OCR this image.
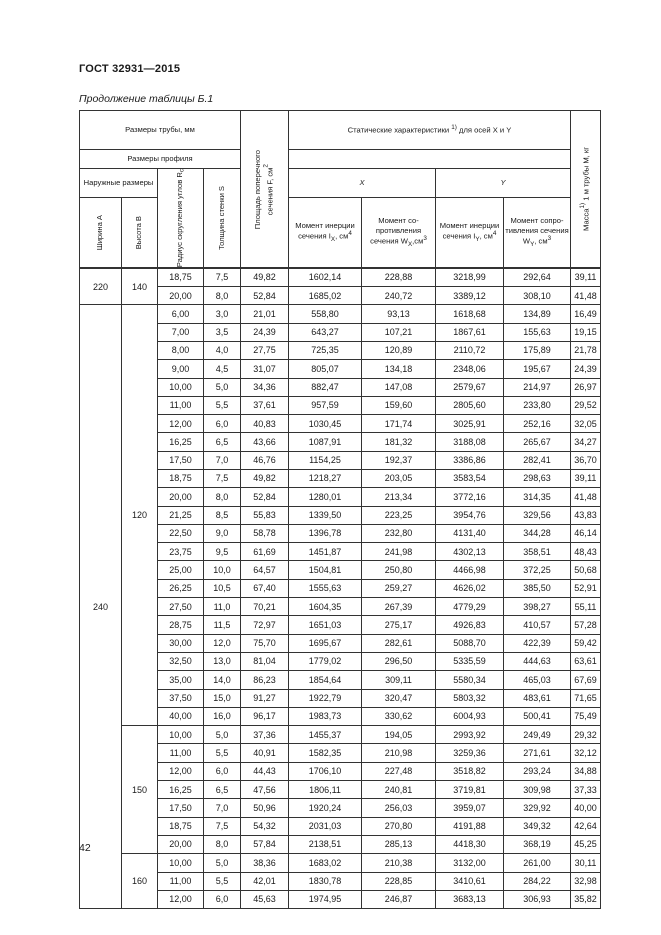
ГОСТ 32931—2015
Продолжение таблицы Б.1
Размеры трубы, мм				Площадь поперечного сечения F, $см^2$	Статические характеристики $^{1)}$ для осей X и Y				Масса$^{1)}$ 1 м трубы M, кг

Размеры профиля									
Наружные размеры		Радиус скругления углов $R_c$	Толщина стенки S		X		Y		

Ширина A	Высота B				Момент инерции сечения $I_X$, $см^4$	Момент со-противления сечения $W_X,см^3$	Момент инерции сечения $I_Y$, $см^4$	Момент сопро-тивления сечения $W_Y$, $см^3$
220	140	18,75	7,5	49,82	1602,14	228,88	3218,99	292,64	39,11
		20,00	8,0	52,84	1685,02	240,72	3389,12	308,10	41,48
240	120	6,00	3,0	21,01	558,80	93,13	1618,68	134,89	16,49
		7,00	3,5	24,39	643,27	107,21	1867,61	155,63	19,15
		8,00	4,0	27,75	725,35	120,89	2110,72	175,89	21,78
		9,00	4,5	31,07	805,07	134,18	2348,06	195,67	24,39
		10,00	5,0	34,36	882,47	147,08	2579,67	214,97	26,97
		11,00	5,5	37,61	957,59	159,60	2805,60	233,80	29,52
		12,00	6,0	40,83	1030,45	171,74	3025,91	252,16	32,05
		16,25	6,5	43,66	1087,91	181,32	3188,08	265,67	34,27
		17,50	7,0	46,76	1154,25	192,37	3386,86	282,41	36,70
		18,75	7,5	49,82	1218,27	203,05	3583,54	298,63	39,11
		20,00	8,0	52,84	1280,01	213,34	3772,16	314,35	41,48
		21,25	8,5	55,83	1339,50	223,25	3954,76	329,56	43,83
		22,50	9,0	58,78	1396,78	232,80	4131,40	344,28	46,14
		23,75	9,5	61,69	1451,87	241,98	4302,13	358,51	48,43
		25,00	10,0	64,57	1504,81	250,80	4466,98	372,25	50,68
		26,25	10,5	67,40	1555,63	259,27	4626,02	385,50	52,91
		27,50	11,0	70,21	1604,35	267,39	4779,29	398,27	55,11
		28,75	11,5	72,97	1651,03	275,17	4926,83	410,57	57,28
		30,00	12,0	75,70	1695,67	282,61	5088,70	422,39	59,42
		32,50	13,0	81,04	1779,02	296,50	5335,59	444,63	63,61
		35,00	14,0	86,23	1854,64	309,11	5580,34	465,03	67,69
		37,50	15,0	91,27	1922,79	320,47	5803,32	483,61	71,65
		40,00	16,0	96,17	1983,73	330,62	6004,93	500,41	75,49
	150	10,00	5,0	37,36	1455,37	194,05	2993,92	249,49	29,32
		11,00	5,5	40,91	1582,35	210,98	3259,36	271,61	32,12
		12,00	6,0	44,43	1706,10	227,48	3518,82	293,24	34,88
		16,25	6,5	47,56	1806,11	240,81	3719,81	309,98	37,33
		17,50	7,0	50,96	1920,24	256,03	3959,07	329,92	40,00
		18,75	7,5	54,32	2031,03	270,80	4191,88	349,32	42,64
		20,00	8,0	57,84	2138,51	285,13	4418,30	368,19	45,25
	160	10,00	5,0	38,36	1683,02	210,38	3132,00	261,00	30,11
		11,00	5,5	42,01	1830,78	228,85	3410,61	284,22	32,98
		12,00	6,0	45,63	1974,95	246,87	3683,13	306,93	35,82
42
